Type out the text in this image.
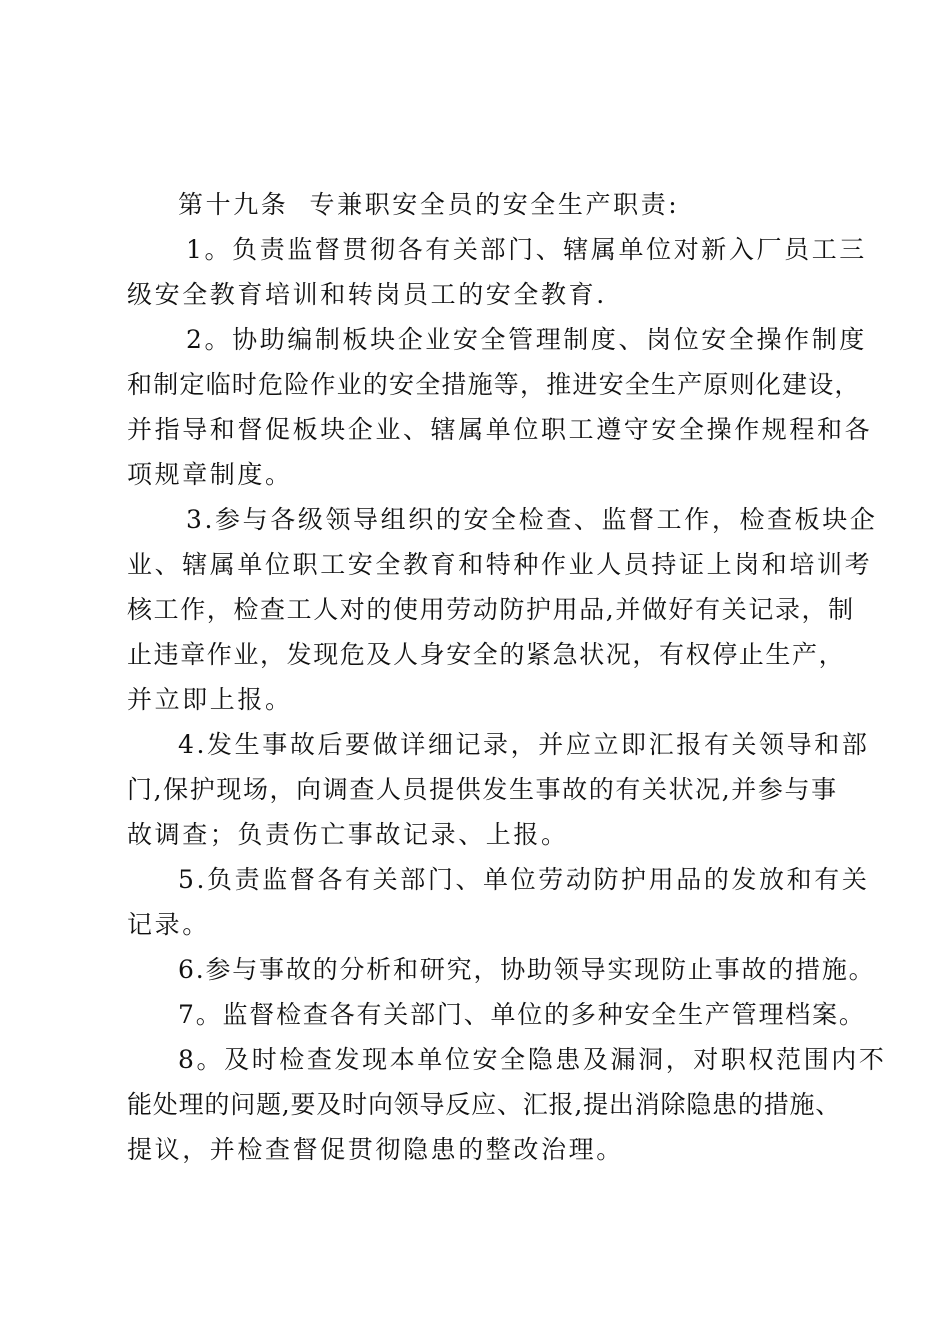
第十九条  专兼职安全员的安全生产职责:
1。负责监督贯彻各有关部门、辖属单位对新入厂员工三
级安全教育培训和转岗员工的安全教育.
2。协助编制板块企业安全管理制度、岗位安全操作制度
和制定临时危险作业的安全措施等，推进安全生产原则化建设，
并指导和督促板块企业、辖属单位职工遵守安全操作规程和各
项规章制度。
3.参与各级领导组织的安全检查、监督工作，检查板块企
业、辖属单位职工安全教育和特种作业人员持证上岗和培训考
核工作，检查工人对的使用劳动防护用品,并做好有关记录，制
止违章作业，发现危及人身安全的紧急状况，有权停止生产，
并立即上报。
4.发生事故后要做详细记录，并应立即汇报有关领导和部
门,保护现场，向调查人员提供发生事故的有关状况,并参与事
故调查；负责伤亡事故记录、上报。
5.负责监督各有关部门、单位劳动防护用品的发放和有关
记录。
6.参与事故的分析和研究，协助领导实现防止事故的措施。
7。监督检查各有关部门、单位的多种安全生产管理档案。
8。及时检查发现本单位安全隐患及漏洞，对职权范围内不
能处理的问题,要及时向领导反应、汇报,提出消除隐患的措施、
提议，并检查督促贯彻隐患的整改治理。
